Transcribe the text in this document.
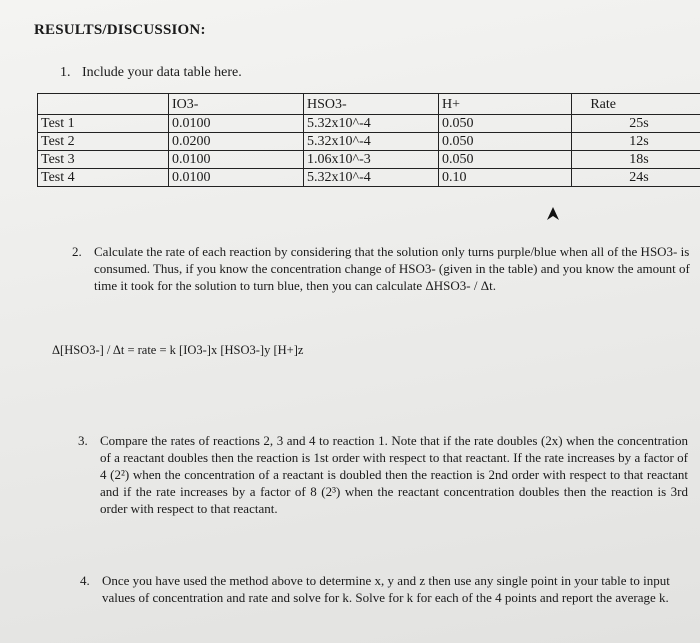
RESULTS/DISCUSSION:
1. Include your data table here.
	IO3-	HSO3-	H+	Rate
Test 1	0.0100	5.32x10^-4	0.050	25s
Test 2	0.0200	5.32x10^-4	0.050	12s
Test 3	0.0100	1.06x10^-3	0.050	18s
Test 4	0.0100	5.32x10^-4	0.10	24s
2. Calculate the rate of each reaction by considering that the solution only turns purple/blue when all of the HSO3- is consumed. Thus, if you know the concentration change of HSO3- (given in the table) and you know the amount of time it took for the solution to turn blue, then you can calculate ΔHSO3- / Δt.
Δ[HSO3-] / Δt = rate = k [IO3-]x [HSO3-]y [H+]z
3. Compare the rates of reactions 2, 3 and 4 to reaction 1. Note that if the rate doubles (2x) when the concentration of a reactant doubles then the reaction is 1st order with respect to that reactant. If the rate increases by a factor of 4 (2²) when the concentration of a reactant is doubled then the reaction is 2nd order with respect to that reactant and if the rate increases by a factor of 8 (2³) when the reactant concentration doubles then the reaction is 3rd order with respect to that reactant.
4. Once you have used the method above to determine x, y and z then use any single point in your table to input values of concentration and rate and solve for k. Solve for k for each of the 4 points and report the average k.
